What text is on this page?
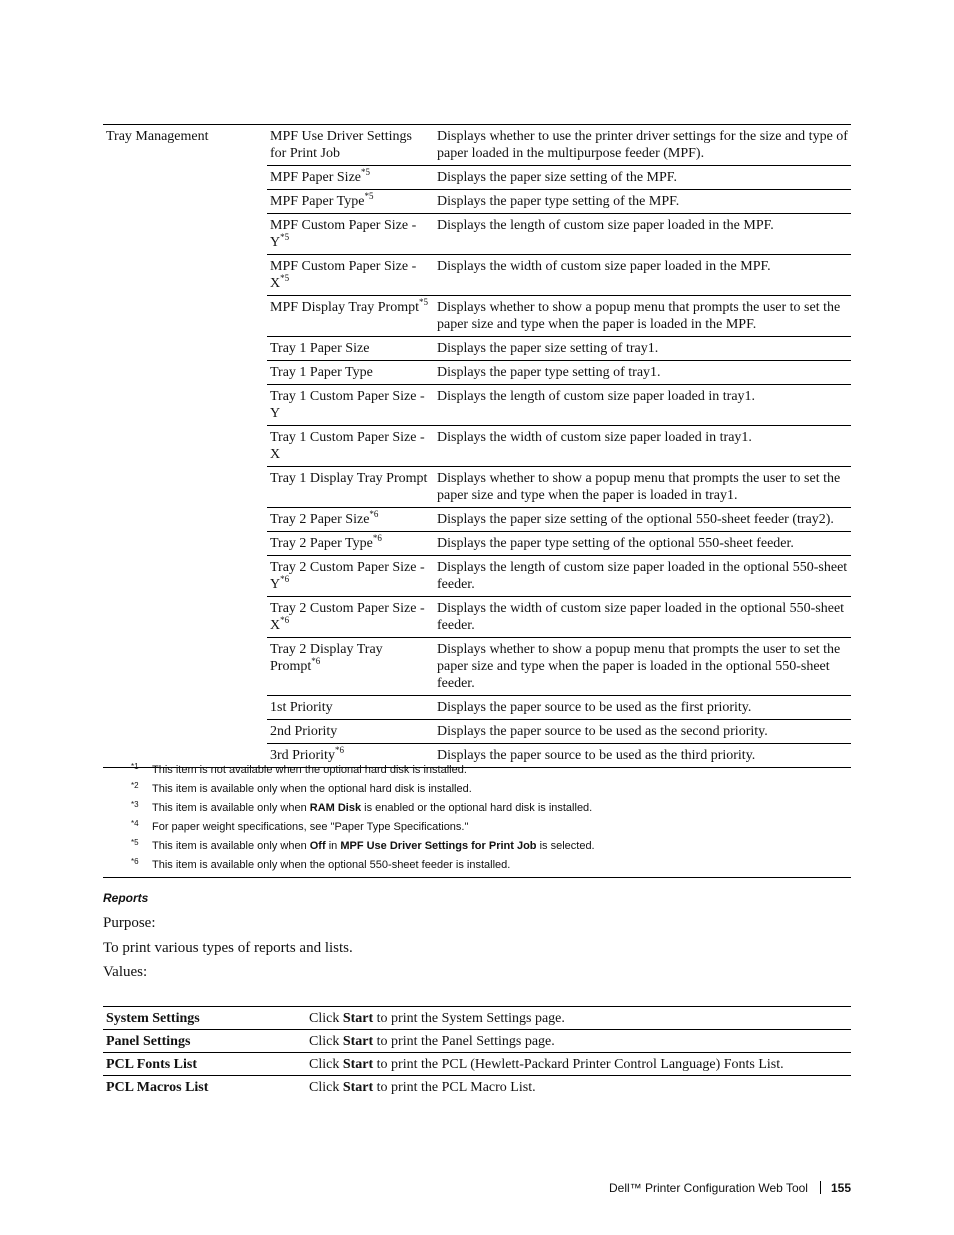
Tray Management	MPF Use Driver Settings for Print Job	Displays whether to use the printer driver settings for the size and type of paper loaded in the multipurpose feeder (MPF).
	MPF Paper Size$^{*5}$	Displays the paper size setting of the MPF.
	MPF Paper Type$^{*5}$	Displays the paper type setting of the MPF.
	MPF Custom Paper Size - $Y^{*5}$	Displays the length of custom size paper loaded in the MPF.
	MPF Custom Paper Size - $X^{*5}$	Displays the width of custom size paper loaded in the MPF.
	MPF Display Tray Prompt$^{*5}$	Displays whether to show a popup menu that prompts the user to set the paper size and type when the paper is loaded in the MPF.
	Tray 1 Paper Size	Displays the paper size setting of tray1.
	Tray 1 Paper Type	Displays the paper type setting of tray1.
	Tray 1 Custom Paper Size - Y	Displays the length of custom size paper loaded in tray1.
	Tray 1 Custom Paper Size - X	Displays the width of custom size paper loaded in tray1.
	Tray 1 Display Tray Prompt	Displays whether to show a popup menu that prompts the user to set the paper size and type when the paper is loaded in tray1.
	Tray 2 Paper Size$^{*6}$	Displays the paper size setting of the optional 550-sheet feeder (tray2).
	Tray 2 Paper Type$^{*6}$	Displays the paper type setting of the optional 550-sheet feeder.
	Tray 2 Custom Paper Size - $Y^{*6}$	Displays the length of custom size paper loaded in the optional 550-sheet feeder.
	Tray 2 Custom Paper Size - $X^{*6}$	Displays the width of custom size paper loaded in the optional 550-sheet feeder.
	Tray 2 Display Tray Prompt$^{*6}$	Displays whether to show a popup menu that prompts the user to set the paper size and type when the paper is loaded in the optional 550-sheet feeder.
	1st Priority	Displays the paper source to be used as the first priority.
	2nd Priority	Displays the paper source to be used as the second priority.
	3rd Priority$^{*6}$	Displays the paper source to be used as the third priority.
*1 This item is not available when the optional hard disk is installed.
*2 This item is available only when the optional hard disk is installed.
*3 This item is available only when RAM Disk is enabled or the optional hard disk is installed.
*4 For paper weight specifications, see "Paper Type Specifications."
*5 This item is available only when Off in MPF Use Driver Settings for Print Job is selected.
*6 This item is available only when the optional 550-sheet feeder is installed.
Reports
Purpose:
To print various types of reports and lists.
Values:
System Settings	Click Start to print the System Settings page.
Panel Settings	Click Start to print the Panel Settings page.
PCL Fonts List	Click Start to print the PCL (Hewlett-Packard Printer Control Language) Fonts List.
PCL Macros List	Click Start to print the PCL Macro List.
Dell™ Printer Configuration Web Tool 155
